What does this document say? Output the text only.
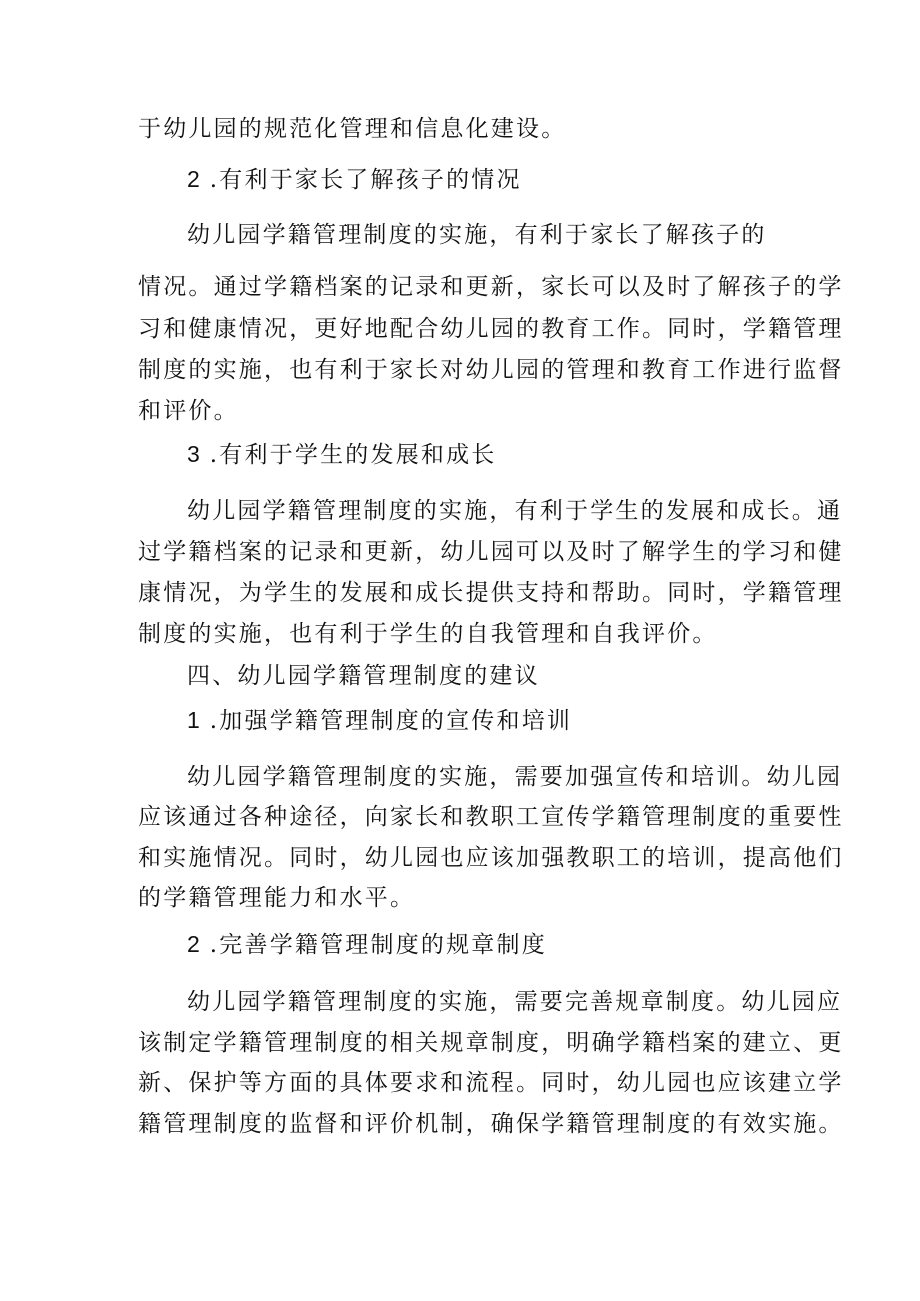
于幼儿园的规范化管理和信息化建设。
2 .有利于家长了解孩子的情况
幼儿园学籍管理制度的实施，有利于家长了解孩子的
情况。通过学籍档案的记录和更新，家长可以及时了解孩子的学
习和健康情况，更好地配合幼儿园的教育工作。同时，学籍管理
制度的实施，也有利于家长对幼儿园的管理和教育工作进行监督
和评价。
3 .有利于学生的发展和成长
幼儿园学籍管理制度的实施，有利于学生的发展和成长。通
过学籍档案的记录和更新，幼儿园可以及时了解学生的学习和健
康情况，为学生的发展和成长提供支持和帮助。同时，学籍管理
制度的实施，也有利于学生的自我管理和自我评价。
四、幼儿园学籍管理制度的建议
1 .加强学籍管理制度的宣传和培训
幼儿园学籍管理制度的实施，需要加强宣传和培训。幼儿园
应该通过各种途径，向家长和教职工宣传学籍管理制度的重要性
和实施情况。同时，幼儿园也应该加强教职工的培训，提高他们
的学籍管理能力和水平。
2 .完善学籍管理制度的规章制度
幼儿园学籍管理制度的实施，需要完善规章制度。幼儿园应
该制定学籍管理制度的相关规章制度，明确学籍档案的建立、更
新、保护等方面的具体要求和流程。同时，幼儿园也应该建立学
籍管理制度的监督和评价机制，确保学籍管理制度的有效实施。
